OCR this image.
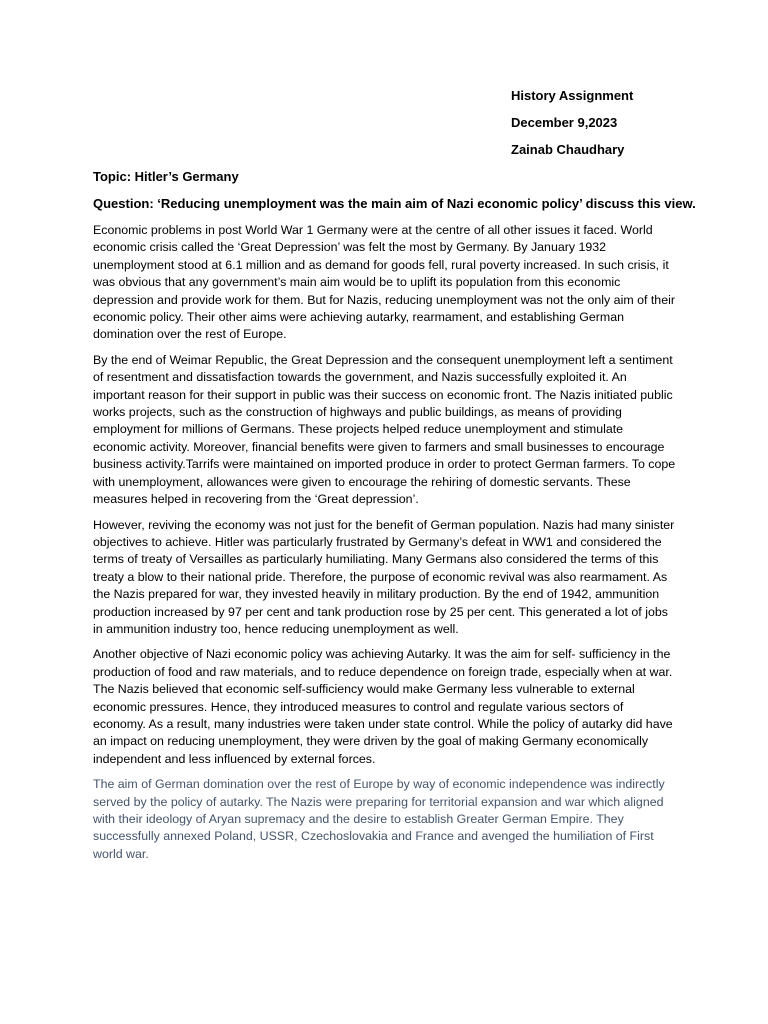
History Assignment
December 9,2023
Zainab Chaudhary
Topic: Hitler’s Germany
Question: ‘Reducing unemployment was the main aim of Nazi economic policy’ discuss this view.

Economic problems in post World War 1 Germany were at the centre of all other issues it faced. World economic crisis called the ‘Great Depression’ was felt the most by Germany. By January 1932 unemployment stood at 6.1 million and as demand for goods fell, rural poverty increased. In such crisis, it was obvious that any government’s main aim would be to uplift its population from this economic depression and provide work for them. But for Nazis, reducing unemployment was not the only aim of their economic policy. Their other aims were achieving autarky, rearmament, and establishing German domination over the rest of Europe.

By the end of Weimar Republic, the Great Depression and the consequent unemployment left a sentiment of resentment and dissatisfaction towards the government, and Nazis successfully exploited it. An important reason for their support in public was their success on economic front. The Nazis initiated public works projects, such as the construction of highways and public buildings, as means of providing employment for millions of Germans. These projects helped reduce unemployment and stimulate economic activity. Moreover, financial benefits were given to farmers and small businesses to encourage business activity.Tarrifs were maintained on imported produce in order to protect German farmers. To cope with unemployment, allowances were given to encourage the rehiring of domestic servants. These measures helped in recovering from the ‘Great depression’.

However, reviving the economy was not just for the benefit of German population. Nazis had many sinister objectives to achieve. Hitler was particularly frustrated by Germany’s defeat in WW1 and considered the terms of treaty of Versailles as particularly humiliating. Many Germans also considered the terms of this treaty a blow to their national pride. Therefore, the purpose of economic revival was also rearmament. As the Nazis prepared for war, they invested heavily in military production. By the end of 1942, ammunition production increased by 97 per cent and tank production rose by 25 per cent. This generated a lot of jobs in ammunition industry too, hence reducing unemployment as well.

Another objective of Nazi economic policy was achieving Autarky. It was the aim for self- sufficiency in the production of food and raw materials, and to reduce dependence on foreign trade, especially when at war. The Nazis believed that economic self-sufficiency would make Germany less vulnerable to external economic pressures. Hence, they introduced measures to control and regulate various sectors of economy. As a result, many industries were taken under state control. While the policy of autarky did have an impact on reducing unemployment, they were driven by the goal of making Germany economically independent and less influenced by external forces.

The aim of German domination over the rest of Europe by way of economic independence was indirectly served by the policy of autarky. The Nazis were preparing for territorial expansion and war which aligned with their ideology of Aryan supremacy and the desire to establish Greater German Empire. They successfully annexed Poland, USSR, Czechoslovakia and France and avenged the humiliation of First world war.
